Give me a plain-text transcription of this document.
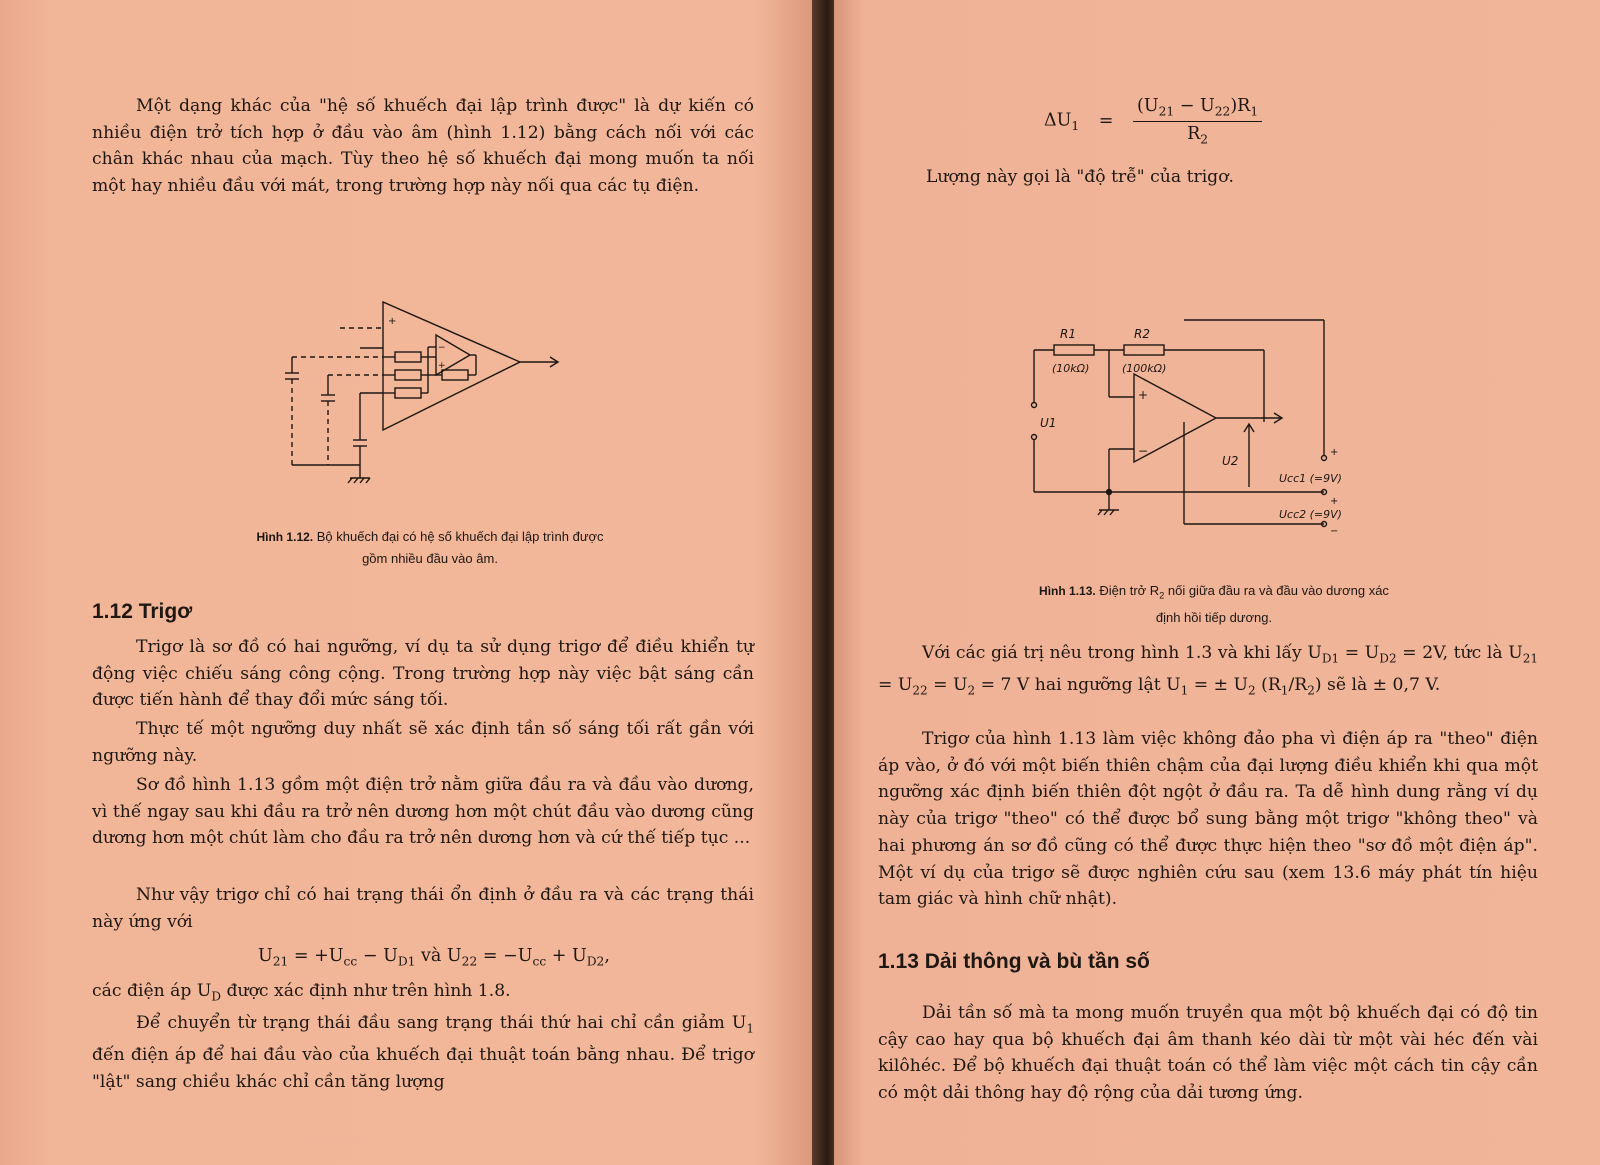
Một dạng khác của "hệ số khuếch đại lập trình được" là dự kiến có nhiều điện trở tích hợp ở đầu vào âm (hình 1.12) bằng cách nối với các chân khác nhau của mạch. Tùy theo hệ số khuếch đại mong muốn ta nối một hay nhiều đầu với mát, trong trường hợp này nối qua các tụ điện.

+
−
+

Hình 1.12. Bộ khuếch đại có hệ số khuếch đại lập trình được
gồm nhiều đầu vào âm.

1.12 Trigơ

Trigơ là sơ đồ có hai ngưỡng, ví dụ ta sử dụng trigơ để điều khiển tự động việc chiếu sáng công cộng. Trong trường hợp này việc bật sáng cần được tiến hành để thay đổi mức sáng tối.

Thực tế một ngưỡng duy nhất sẽ xác định tần số sáng tối rất gần với ngưỡng này.

Sơ đồ hình 1.13 gồm một điện trở nằm giữa đầu ra và đầu vào dương, vì thế ngay sau khi đầu ra trở nên dương hơn một chút đầu vào dương cũng dương hơn một chút làm cho đầu ra trở nên dương hơn và cứ thế tiếp tục ...

Như vậy trigơ chỉ có hai trạng thái ổn định ở đầu ra và các trạng thái này ứng với

$U_{21} = +U_{cc} - U_{D1}$ và $U_{22} = -U_{cc} + U_{D2}$,

các điện áp $U_D$ được xác định như trên hình 1.8.

Để chuyển từ trạng thái đầu sang trạng thái thứ hai chỉ cần giảm $U_1$ đến điện áp để hai đầu vào của khuếch đại thuật toán bằng nhau. Để trigơ "lật" sang chiều khác chỉ cần tăng lượng

$\Delta U_1 = \frac{(U_{21} - U_{22})R_1}{R_2}$

Lượng này gọi là "độ trễ" của trigơ.

R1
(10kΩ)
R2
(100kΩ)
U1
U2
Ucc1 (=9V)
Ucc2 (=9V)
+
−	+
+
−

Hình 1.13. Điện trở $R_2$ nối giữa đầu ra và đầu vào dương xác
định hồi tiếp dương.

Với các giá trị nêu trong hình 1.3 và khi lấy $U_{D1} = U_{D2} = 2V$, tức là $U_{21} = U_{22} = U_2 = 7$ V hai ngưỡng lật $U_1$ = ± $U_2$ $(R_1/R_2)$ sẽ là ± 0,7 V.

Trigơ của hình 1.13 làm việc không đảo pha vì điện áp ra "theo" điện áp vào, ở đó với một biến thiên chậm của đại lượng điều khiển khi qua một ngưỡng xác định biến thiên đột ngột ở đầu ra. Ta dễ hình dung rằng ví dụ này của trigơ "theo" có thể được bổ sung bằng một trigơ "không theo" và hai phương án sơ đồ cũng có thể được thực hiện theo "sơ đồ một điện áp". Một ví dụ của trigơ sẽ được nghiên cứu sau (xem 13.6 máy phát tín hiệu tam giác và hình chữ nhật).

1.13 Dải thông và bù tần số

Dải tần số mà ta mong muốn truyền qua một bộ khuếch đại có độ tin cậy cao hay qua bộ khuếch đại âm thanh kéo dài từ một vài héc đến vài kilôhéc. Để bộ khuếch đại thuật toán có thể làm việc một cách tin cậy cần có một dải thông hay độ rộng của dải tương ứng.
